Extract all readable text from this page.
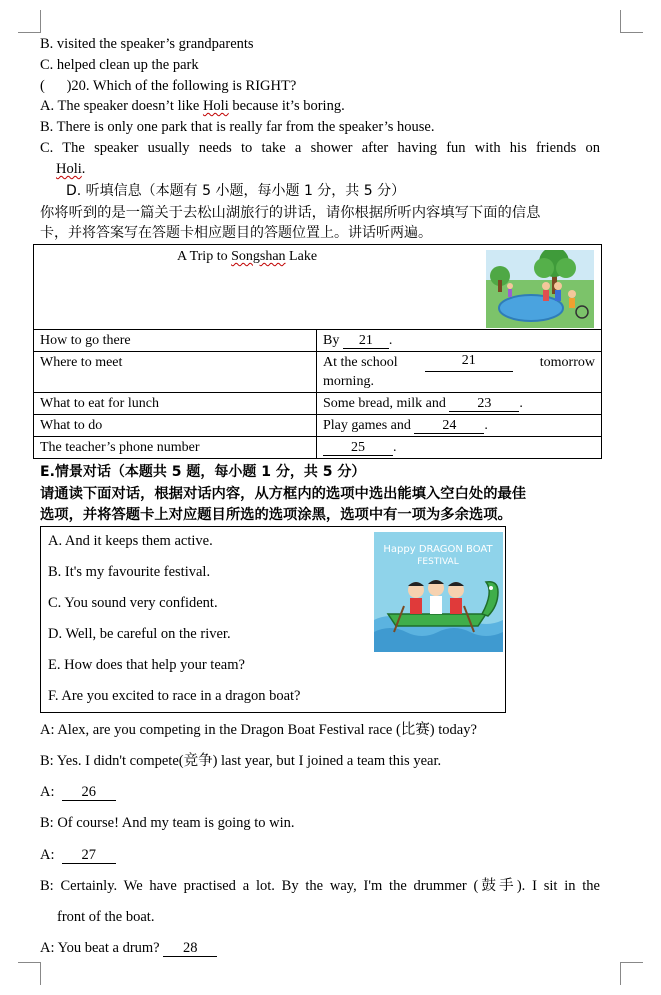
B. visited the speaker’s grandparents
C. helped clean up the park
(      )20. Which of the following is RIGHT?
A. The speaker doesn’t like Holi because it’s boring.
B. There is only one park that is really far from the speaker’s house.
C. The speaker usually needs to take a shower after having fun with his friends on
Holi.
D. 听填信息（本题有 5 小题，每小题 1 分，共 5 分）
你将听到的是一篇关于去松山湖旅行的讲话，请你根据所听内容填写下面的信息
卡，并将答案写在答题卡相应题目的答题位置上。讲话听两遍。
A Trip to Songshan Lake	

How to go there	By 21 .
Where to meet	At the school 21 tomorrow
morning.

What to eat for lunch	Some bread, milk and 23 .
What to do	Play games and 24 .
The teacher’s phone number	25 .
E.情景对话（本题共 5 题，每小题 1 分，共 5 分）
请通读下面对话，根据对话内容，从方框内的选项中选出能填入空白处的最佳
选项，并将答题卡上对应题目所选的选项涂黑，选项中有一项为多余选项。
A. And it keeps them active.
B. It's my favourite festival.
C. You sound very confident.
D. Well, be careful on the river.
E. How does that help your team?
F. Are you excited to race in a dragon boat?
Happy DRAGON BOAT
FESTIVAL
A: Alex, are you competing in the Dragon Boat Festival race (比赛) today?
B: Yes. I didn't compete(竞争) last year, but I joined a team this year.
A:  26
B: Of course! And my team is going to win.
A:  27
B: Certainly. We have practised a lot. By the way, I'm the drummer (鼓手). I sit in the
front of the boat.
A: You beat a drum? 28
